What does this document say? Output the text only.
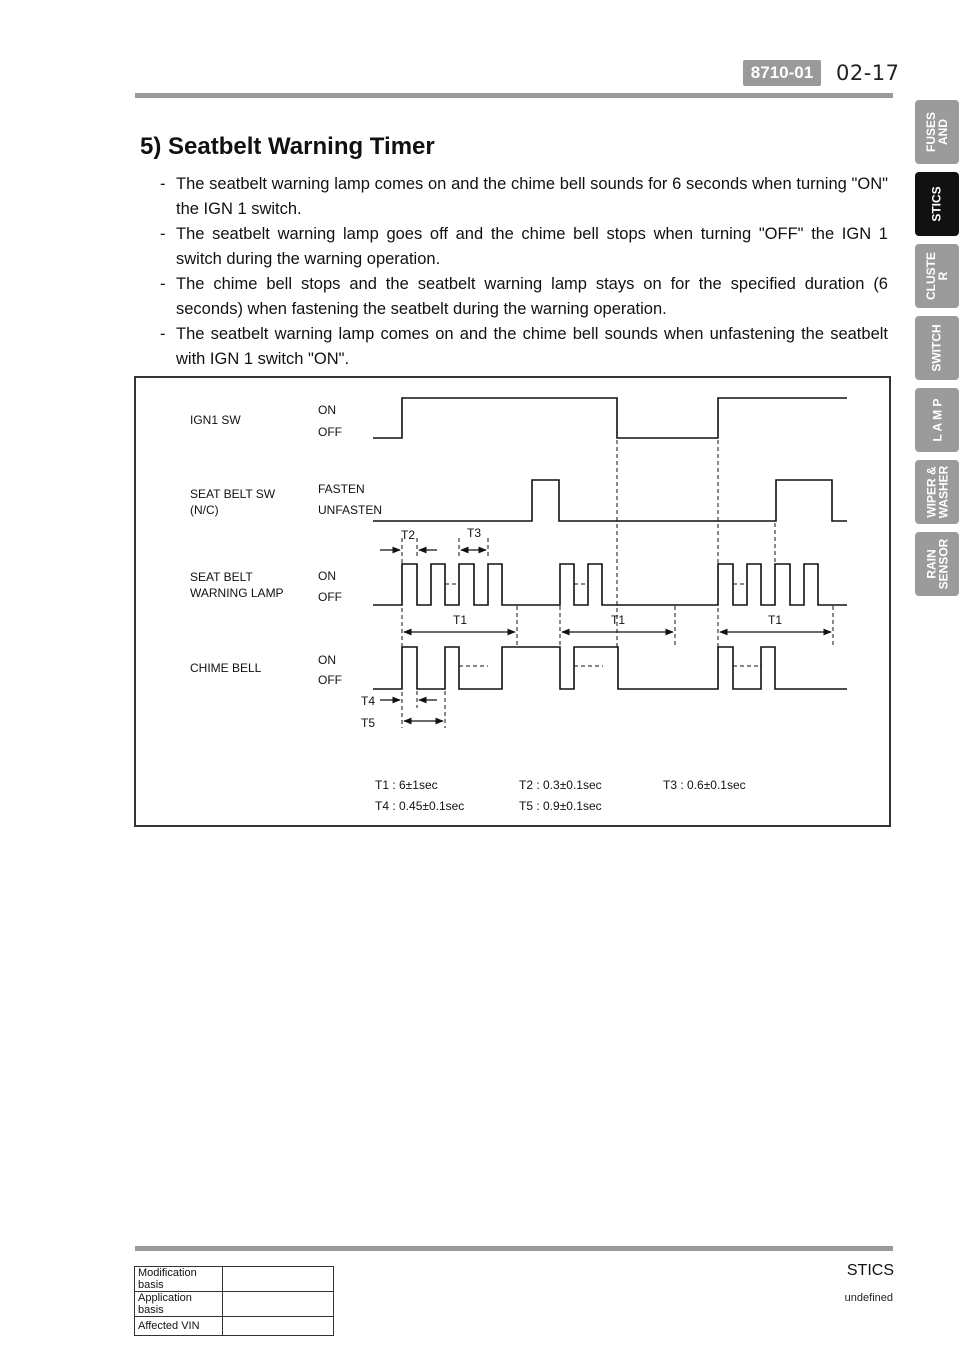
8710-01	02-17
FUSES
AND
STICS
CLUSTE
R
SWITCH
L A M P
WIPER &
WASHER
RAIN
SENSOR
5) Seatbelt Warning Timer
- The seatbelt warning lamp comes on and the chime bell sounds for 6 seconds when turning "ON" the IGN 1 switch.
- The seatbelt warning lamp goes off and the chime bell stops when turning "OFF" the IGN 1 switch during the warning operation.
- The chime bell stops and the seatbelt warning lamp stays on for the specified duration (6 seconds) when fastening the seatbelt during the warning operation.
- The seatbelt warning lamp comes on and the chime bell sounds when unfastening the seatbelt with IGN 1 switch "ON".
IGN1 SW
SEAT BELT SW
(N/C)
SEAT BELT
WARNING LAMP
CHIME BELL
ON
OFF
FASTEN
UNFASTEN
ON
OFF
ON
OFF
T2	T3
T1	T1	T1
T4
T5
T1 : 6±1sec	T2 : 0.3±0.1sec	T3 : 0.6±0.1sec
T4 : 0.45±0.1sec	T5 : 0.9±0.1sec
STICS
undefined
Modification basis	
Application basis	
Affected VIN	
